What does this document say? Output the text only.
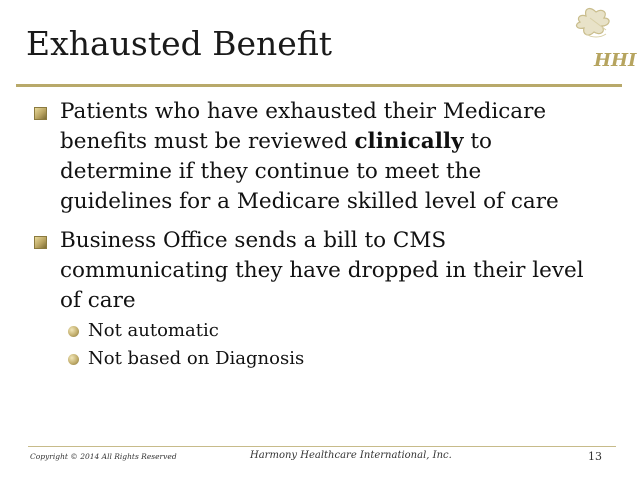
Exhausted Benefit	HHI
Patients who have exhausted their Medicare
benefits must be reviewed clinically to
determine if they continue to meet the
guidelines for a Medicare skilled level of care
Business Office sends a bill to CMS
communicating they have dropped in their level
of care
Not automatic
Not based on Diagnosis
Copyright © 2014 All Rights Reserved	Harmony Healthcare International, Inc.	13
